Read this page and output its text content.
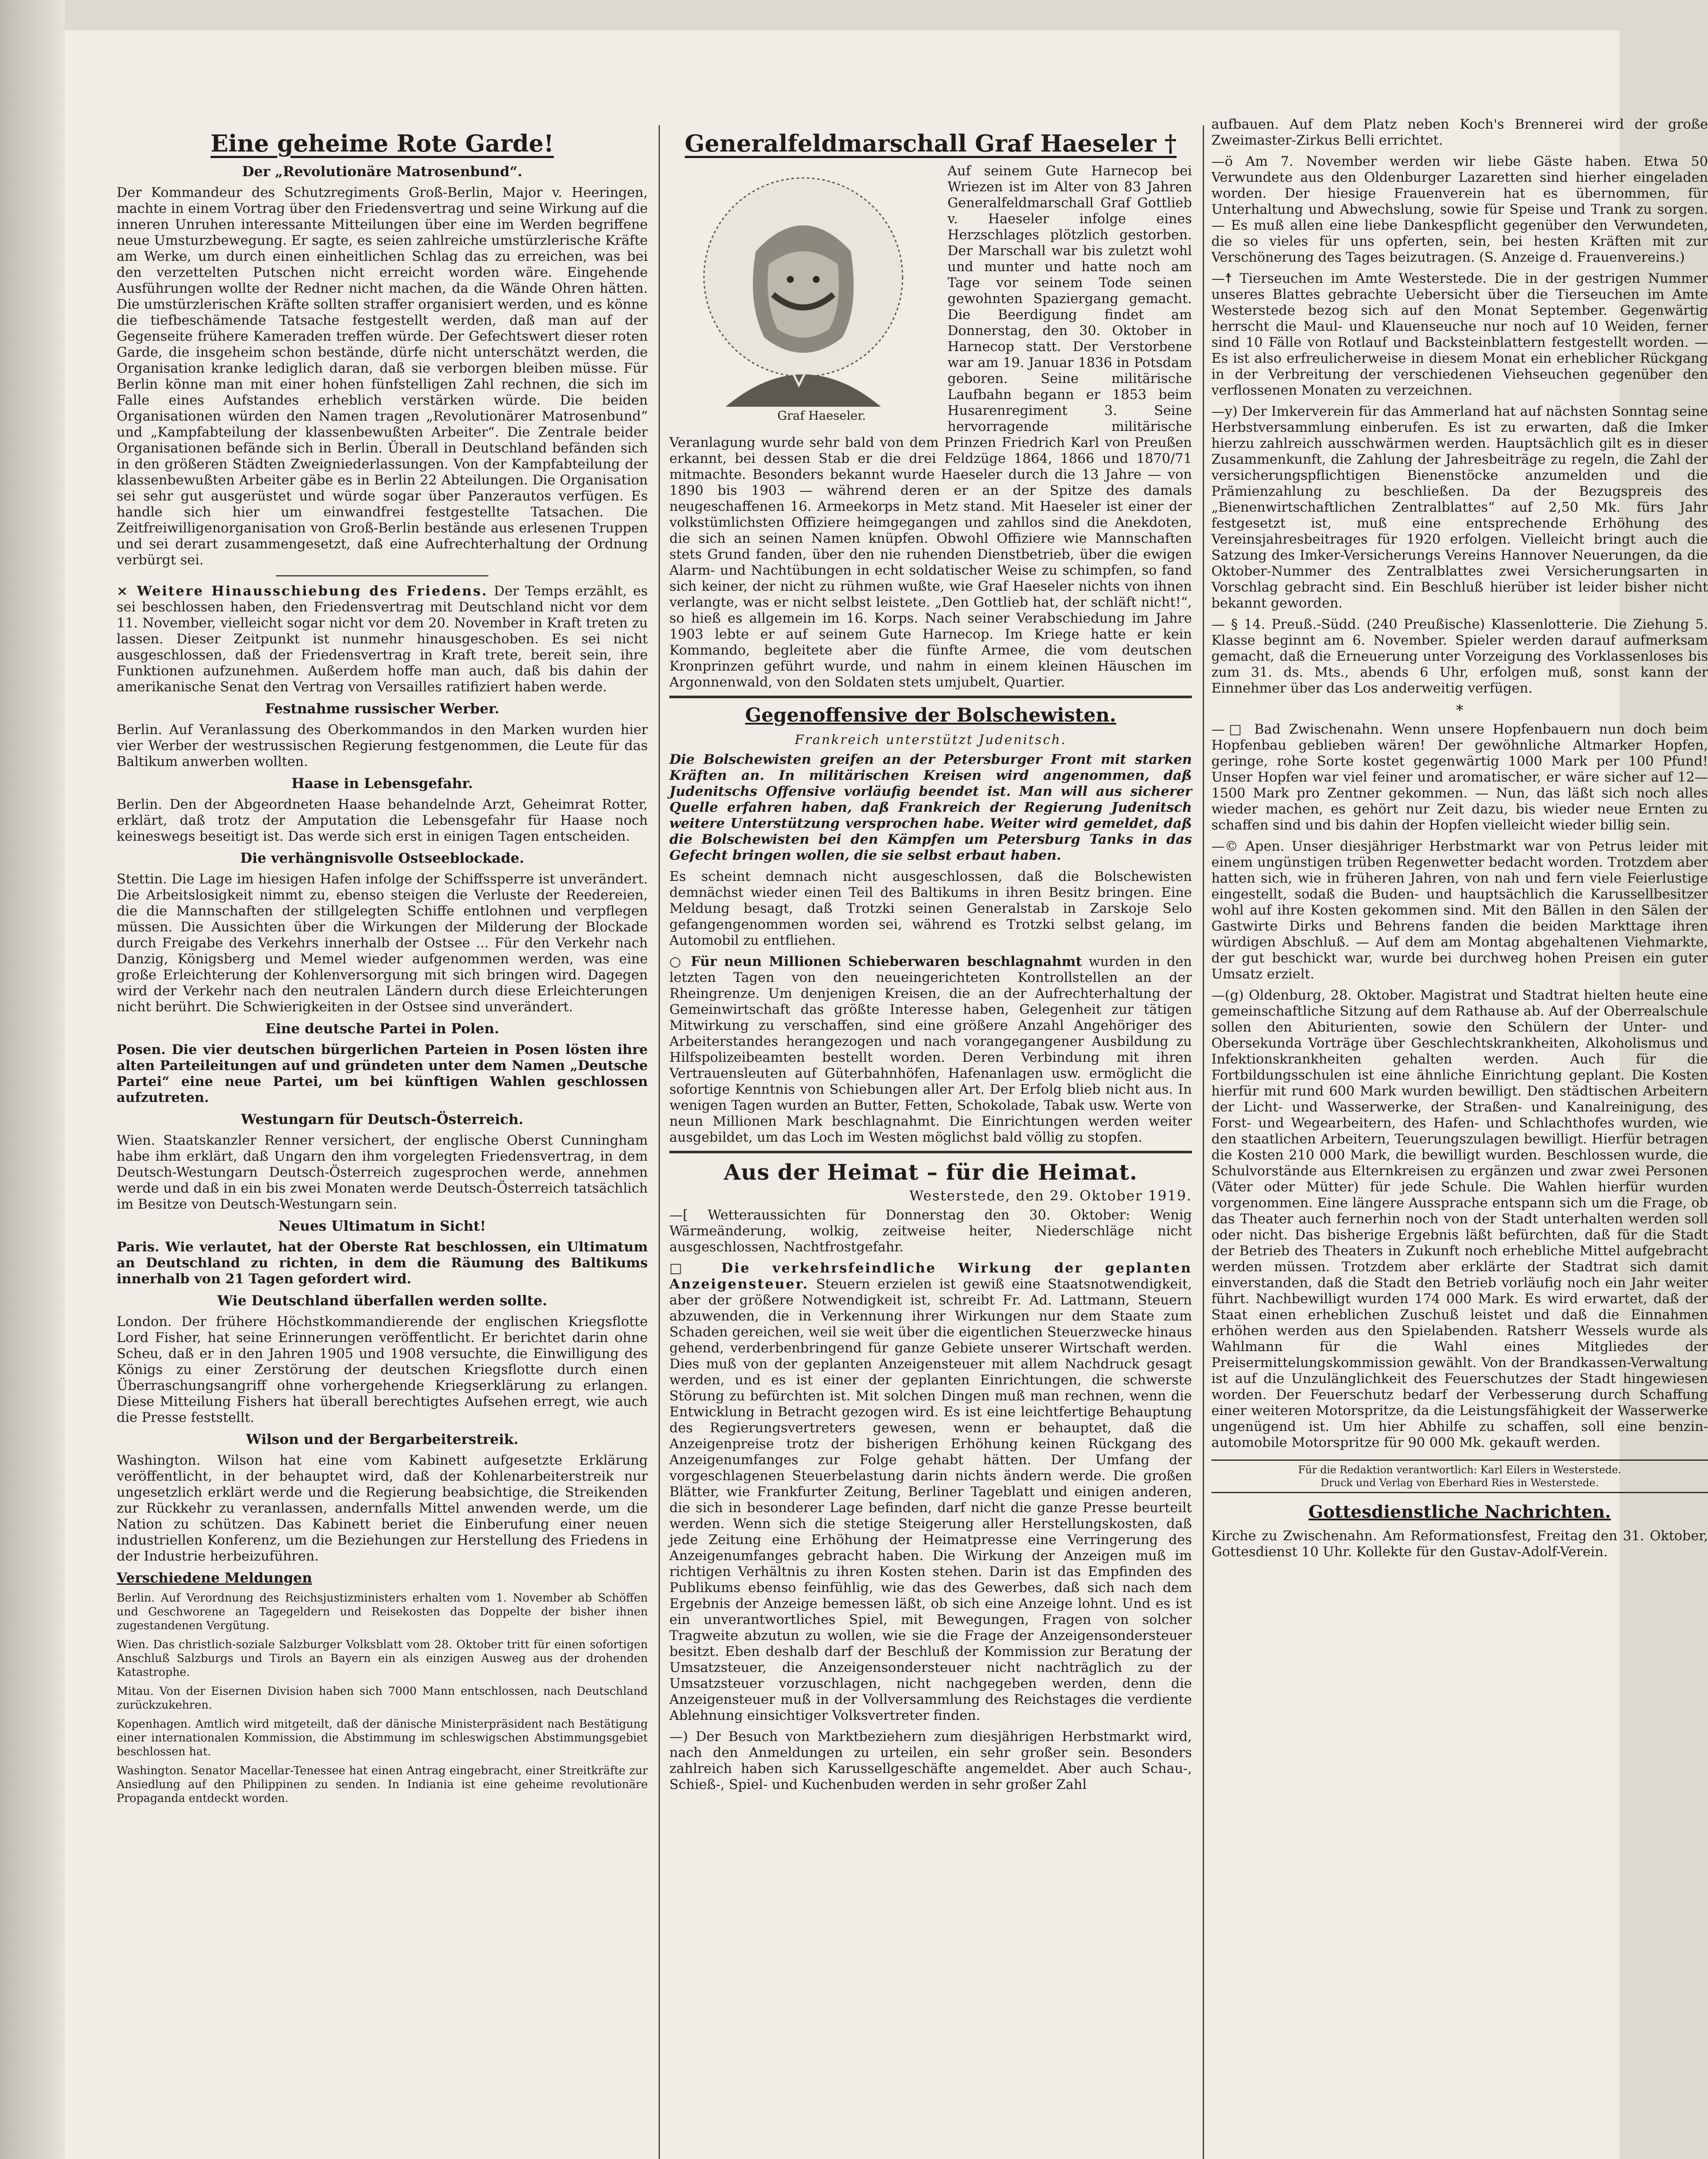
Eine geheime Rote Garde!
Der „Revolutionäre Matrosenbund“.

Der Kommandeur des Schutzregiments Groß-Berlin, Major v. Heeringen, machte in einem Vortrag über den Friedensvertrag und seine Wirkung auf die inneren Unruhen interessante Mitteilungen über eine im Werden begriffene neue Umsturzbewegung. Er sagte, es seien zahlreiche umstürzlerische Kräfte am Werke, um durch einen einheitlichen Schlag das zu erreichen, was bei den verzettelten Putschen nicht erreicht worden wäre. Eingehende Ausführungen wollte der Redner nicht machen, da die Wände Ohren hätten. Die umstürzlerischen Kräfte sollten straffer organisiert werden, und es könne die tiefbeschämende Tatsache festgestellt werden, daß man auf der Gegenseite frühere Kameraden treffen würde. Der Gefechtswert dieser roten Garde, die insgeheim schon bestände, dürfe nicht unterschätzt werden, die Organisation kranke lediglich daran, daß sie verborgen bleiben müsse. Für Berlin könne man mit einer hohen fünfstelligen Zahl rechnen, die sich im Falle eines Aufstandes erheblich verstärken würde. Die beiden Organisationen würden den Namen tragen „Revolutionärer Matrosenbund“ und „Kampfabteilung der klassenbewußten Arbeiter“. Die Zentrale beider Organisationen befände sich in Berlin. Überall in Deutschland befänden sich in den größeren Städten Zweigniederlassungen. Von der Kampfabteilung der klassenbewußten Arbeiter gäbe es in Berlin 22 Abteilungen. Die Organisation sei sehr gut ausgerüstet und würde sogar über Panzerautos verfügen. Es handle sich hier um einwandfrei festgestellte Tatsachen. Die Zeitfreiwilligenorganisation von Groß-Berlin bestände aus erlesenen Truppen und sei derart zusammengesetzt, daß eine Aufrechterhaltung der Ordnung verbürgt sei.

× Weitere Hinausschiebung des Friedens. Der Temps erzählt, es sei beschlossen haben, den Friedensvertrag mit Deutschland nicht vor dem 11. November, vielleicht sogar nicht vor dem 20. November in Kraft treten zu lassen. Dieser Zeitpunkt ist nunmehr hinausgeschoben. Es sei nicht ausgeschlossen, daß der Friedensvertrag in Kraft trete, bereit sein, ihre Funktionen aufzunehmen. Außerdem hoffe man auch, daß bis dahin der amerikanische Senat den Vertrag von Versailles ratifiziert haben werde.

Festnahme russischer Werber.

Berlin. Auf Veranlassung des Oberkommandos in den Marken wurden hier vier Werber der westrussischen Regierung festgenommen, die Leute für das Baltikum anwerben wollten.

Haase in Lebensgefahr.

Berlin. Den der Abgeordneten Haase behandelnde Arzt, Geheimrat Rotter, erklärt, daß trotz der Amputation die Lebensgefahr für Haase noch keineswegs beseitigt ist. Das werde sich erst in einigen Tagen entscheiden.

Die verhängnisvolle Ostseeblockade.

Stettin. Die Lage im hiesigen Hafen infolge der Schiffssperre ist unverändert. Die Arbeitslosigkeit nimmt zu, ebenso steigen die Verluste der Reedereien, die die Mannschaften der stillgelegten Schiffe entlohnen und verpflegen müssen. Die Aussichten über die Wirkungen der Milderung der Blockade durch Freigabe des Verkehrs innerhalb der Ostsee ... Für den Verkehr nach Danzig, Königsberg und Memel wieder aufgenommen werden, was eine große Erleichterung der Kohlenversorgung mit sich bringen wird. Dagegen wird der Verkehr nach den neutralen Ländern durch diese Erleichterungen nicht berührt. Die Schwierigkeiten in der Ostsee sind unverändert.

Eine deutsche Partei in Polen.

Posen. Die vier deutschen bürgerlichen Parteien in Posen lösten ihre alten Parteileitungen auf und gründeten unter dem Namen „Deutsche Partei“ eine neue Partei, um bei künftigen Wahlen geschlossen aufzutreten.

Westungarn für Deutsch-Österreich.

Wien. Staatskanzler Renner versichert, der englische Oberst Cunningham habe ihm erklärt, daß Ungarn den ihm vorgelegten Friedensvertrag, in dem Deutsch-Westungarn Deutsch-Österreich zugesprochen werde, annehmen werde und daß in ein bis zwei Monaten werde Deutsch-Österreich tatsächlich im Besitze von Deutsch-Westungarn sein.

Neues Ultimatum in Sicht!

Paris. Wie verlautet, hat der Oberste Rat beschlossen, ein Ultimatum an Deutschland zu richten, in dem die Räumung des Baltikums innerhalb von 21 Tagen gefordert wird.

Wie Deutschland überfallen werden sollte.

London. Der frühere Höchstkommandierende der englischen Kriegsflotte Lord Fisher, hat seine Erinnerungen veröffentlicht. Er berichtet darin ohne Scheu, daß er in den Jahren 1905 und 1908 versuchte, die Einwilligung des Königs zu einer Zerstörung der deutschen Kriegsflotte durch einen Überraschungsangriff ohne vorhergehende Kriegserklärung zu erlangen. Diese Mitteilung Fishers hat überall berechtigtes Aufsehen erregt, wie auch die Presse feststellt.

Wilson und der Bergarbeiterstreik.

Washington. Wilson hat eine vom Kabinett aufgesetzte Erklärung veröffentlicht, in der behauptet wird, daß der Kohlenarbeiterstreik nur ungesetzlich erklärt werde und die Regierung beabsichtige, die Streikenden zur Rückkehr zu veranlassen, andernfalls Mittel anwenden werde, um die Nation zu schützen. Das Kabinett beriet die Einberufung einer neuen industriellen Konferenz, um die Beziehungen zur Herstellung des Friedens in der Industrie herbeizuführen.

Verschiedene Meldungen

Berlin. Auf Verordnung des Reichsjustizministers erhalten vom 1. November ab Schöffen und Geschworene an Tagegeldern und Reisekosten das Doppelte der bisher ihnen zugestandenen Vergütung.

Wien. Das christlich-soziale Salzburger Volksblatt vom 28. Oktober tritt für einen sofortigen Anschluß Salzburgs und Tirols an Bayern ein als einzigen Ausweg aus der drohenden Katastrophe.

Mitau. Von der Eisernen Division haben sich 7000 Mann entschlossen, nach Deutschland zurückzukehren.

Kopenhagen. Amtlich wird mitgeteilt, daß der dänische Ministerpräsident nach Bestätigung einer internationalen Kommission, die Abstimmung im schleswigschen Abstimmungsgebiet beschlossen hat.

Washington. Senator Macellar-Tenessee hat einen Antrag eingebracht, einer Streitkräfte zur Ansiedlung auf den Philippinen zu senden. In Indiania ist eine geheime revolutionäre Propaganda entdeckt worden.

Generalfeldmarschall Graf Haeseler †
Graf Haeseler.

Auf seinem Gute Harnecop bei Wriezen ist im Alter von 83 Jahren Generalfeldmarschall Graf Gottlieb v. Haeseler infolge eines Herzschlages plötzlich gestorben. Der Marschall war bis zuletzt wohl und munter und hatte noch am Tage vor seinem Tode seinen gewohnten Spaziergang gemacht. Die Beerdigung findet am Donnerstag, den 30. Oktober in Harnecop statt. Der Verstorbene war am 19. Januar 1836 in Potsdam geboren. Seine militärische Laufbahn begann er 1853 beim Husarenregiment 3. Seine hervorragende militärische Veranlagung wurde sehr bald von dem Prinzen Friedrich Karl von Preußen erkannt, bei dessen Stab er die drei Feldzüge 1864, 1866 und 1870/71 mitmachte. Besonders bekannt wurde Haeseler durch die 13 Jahre — von 1890 bis 1903 — während deren er an der Spitze des damals neugeschaffenen 16. Armeekorps in Metz stand. Mit Haeseler ist einer der volkstümlichsten Offiziere heimgegangen und zahllos sind die Anekdoten, die sich an seinen Namen knüpfen. Obwohl Offiziere wie Mannschaften stets Grund fanden, über den nie ruhenden Dienstbetrieb, über die ewigen Alarm- und Nachtübungen in echt soldatischer Weise zu schimpfen, so fand sich keiner, der nicht zu rühmen wußte, wie Graf Haeseler nichts von ihnen verlangte, was er nicht selbst leistete. „Den Gottlieb hat, der schläft nicht!“, so hieß es allgemein im 16. Korps. Nach seiner Verabschiedung im Jahre 1903 lebte er auf seinem Gute Harnecop. Im Kriege hatte er kein Kommando, begleitete aber die fünfte Armee, die vom deutschen Kronprinzen geführt wurde, und nahm in einem kleinen Häuschen im Argonnenwald, von den Soldaten stets umjubelt, Quartier.

Gegenoffensive der Bolschewisten.
Frankreich unterstützt Judenitsch.

Die Bolschewisten greifen an der Petersburger Front mit starken Kräften an. In militärischen Kreisen wird angenommen, daß Judenitschs Offensive vorläufig beendet ist. Man will aus sicherer Quelle erfahren haben, daß Frankreich der Regierung Judenitsch weitere Unterstützung versprochen habe. Weiter wird gemeldet, daß die Bolschewisten bei den Kämpfen um Petersburg Tanks in das Gefecht bringen wollen, die sie selbst erbaut haben.

Es scheint demnach nicht ausgeschlossen, daß die Bolschewisten demnächst wieder einen Teil des Baltikums in ihren Besitz bringen. Eine Meldung besagt, daß Trotzki seinen Generalstab in Zarskoje Selo gefangengenommen worden sei, während es Trotzki selbst gelang, im Automobil zu entfliehen.

○ Für neun Millionen Schieberwaren beschlagnahmt wurden in den letzten Tagen von den neueingerichteten Kontrollstellen an der Rheingrenze. Um denjenigen Kreisen, die an der Aufrechterhaltung der Gemeinwirtschaft das größte Interesse haben, Gelegenheit zur tätigen Mitwirkung zu verschaffen, sind eine größere Anzahl Angehöriger des Arbeiterstandes herangezogen und nach vorangegangener Ausbildung zu Hilfspolizeibeamten bestellt worden. Deren Verbindung mit ihren Vertrauensleuten auf Güterbahnhöfen, Hafenanlagen usw. ermöglicht die sofortige Kenntnis von Schiebungen aller Art. Der Erfolg blieb nicht aus. In wenigen Tagen wurden an Butter, Fetten, Schokolade, Tabak usw. Werte von neun Millionen Mark beschlagnahmt. Die Einrichtungen werden weiter ausgebildet, um das Loch im Westen möglichst bald völlig zu stopfen.

Aus der Heimat – für die Heimat.
Westerstede, den 29. Oktober 1919.

—[ Wetteraussichten für Donnerstag den 30. Oktober: Wenig Wärmeänderung, wolkig, zeitweise heiter, Niederschläge nicht ausgeschlossen, Nachtfrostgefahr.

□ Die verkehrsfeindliche Wirkung der geplanten Anzeigensteuer. Steuern erzielen ist gewiß eine Staatsnotwendigkeit, aber der größere Notwendigkeit ist, schreibt Fr. Ad. Lattmann, Steuern abzuwenden, die in Verkennung ihrer Wirkungen nur dem Staate zum Schaden gereichen, weil sie weit über die eigentlichen Steuerzwecke hinaus gehend, verderbenbringend für ganze Gebiete unserer Wirtschaft werden. Dies muß von der geplanten Anzeigensteuer mit allem Nachdruck gesagt werden, und es ist einer der geplanten Einrichtungen, die schwerste Störung zu befürchten ist. Mit solchen Dingen muß man rechnen, wenn die Entwicklung in Betracht gezogen wird. Es ist eine leichtfertige Behauptung des Regierungsvertreters gewesen, wenn er behauptet, daß die Anzeigenpreise trotz der bisherigen Erhöhung keinen Rückgang des Anzeigenumfanges zur Folge gehabt hätten. Der Umfang der vorgeschlagenen Steuerbelastung darin nichts ändern werde. Die großen Blätter, wie Frankfurter Zeitung, Berliner Tageblatt und einigen anderen, die sich in besonderer Lage befinden, darf nicht die ganze Presse beurteilt werden. Wenn sich die stetige Steigerung aller Herstellungskosten, daß jede Zeitung eine Erhöhung der Heimatpresse eine Verringerung des Anzeigenumfanges gebracht haben. Die Wirkung der Anzeigen muß im richtigen Verhältnis zu ihren Kosten stehen. Darin ist das Empfinden des Publikums ebenso feinfühlig, wie das des Gewerbes, daß sich nach dem Ergebnis der Anzeige bemessen läßt, ob sich eine Anzeige lohnt. Und es ist ein unverantwortliches Spiel, mit Bewegungen, Fragen von solcher Tragweite abzutun zu wollen, wie sie die Frage der Anzeigensondersteuer besitzt. Eben deshalb darf der Beschluß der Kommission zur Beratung der Umsatzsteuer, die Anzeigensondersteuer nicht nachträglich zu der Umsatzsteuer vorzuschlagen, nicht nachgegeben werden, denn die Anzeigensteuer muß in der Vollversammlung des Reichstages die verdiente Ablehnung einsichtiger Volksvertreter finden.

—) Der Besuch von Marktbeziehern zum diesjährigen Herbstmarkt wird, nach den Anmeldungen zu urteilen, ein sehr großer sein. Besonders zahlreich haben sich Karussellgeschäfte angemeldet. Aber auch Schau-, Schieß-, Spiel- und Kuchenbuden werden in sehr großer Zahl

aufbauen. Auf dem Platz neben Koch's Brennerei wird der große Zweimaster-Zirkus Belli errichtet.

—ö Am 7. November werden wir liebe Gäste haben. Etwa 50 Verwundete aus den Oldenburger Lazaretten sind hierher eingeladen worden. Der hiesige Frauenverein hat es übernommen, für Unterhaltung und Abwechslung, sowie für Speise und Trank zu sorgen. — Es muß allen eine liebe Dankespflicht gegenüber den Verwundeten, die so vieles für uns opferten, sein, bei hesten Kräften mit zur Verschönerung des Tages beizutragen. (S. Anzeige d. Frauenvereins.)

—☨ Tierseuchen im Amte Westerstede. Die in der gestrigen Nummer unseres Blattes gebrachte Uebersicht über die Tierseuchen im Amte Westerstede bezog sich auf den Monat September. Gegenwärtig herrscht die Maul- und Klauenseuche nur noch auf 10 Weiden, ferner sind 10 Fälle von Rotlauf und Backsteinblattern festgestellt worden. — Es ist also erfreulicherweise in diesem Monat ein erheblicher Rückgang in der Verbreitung der verschiedenen Viehseuchen gegenüber den verflossenen Monaten zu verzeichnen.

—y) Der Imkerverein für das Ammerland hat auf nächsten Sonntag seine Herbstversammlung einberufen. Es ist zu erwarten, daß die Imker hierzu zahlreich ausschwärmen werden. Hauptsächlich gilt es in dieser Zusammenkunft, die Zahlung der Jahresbeiträge zu regeln, die Zahl der versicherungspflichtigen Bienenstöcke anzumelden und die Prämienzahlung zu beschließen. Da der Bezugspreis des „Bienenwirtschaftlichen Zentralblattes“ auf 2,50 Mk. fürs Jahr festgesetzt ist, muß eine entsprechende Erhöhung des Vereinsjahresbeitrages für 1920 erfolgen. Vielleicht bringt auch die Satzung des Imker-Versicherungs Vereins Hannover Neuerungen, da die Oktober-Nummer des Zentralblattes zwei Versicherungsarten in Vorschlag gebracht sind. Ein Beschluß hierüber ist leider bisher nicht bekannt geworden.

— § 14. Preuß.-Südd. (240 Preußische) Klassenlotterie. Die Ziehung 5. Klasse beginnt am 6. November. Spieler werden darauf aufmerksam gemacht, daß die Erneuerung unter Vorzeigung des Vorklassenloses bis zum 31. ds. Mts., abends 6 Uhr, erfolgen muß, sonst kann der Einnehmer über das Los anderweitig verfügen.

*

—□ Bad Zwischenahn. Wenn unsere Hopfenbauern nun doch beim Hopfenbau geblieben wären! Der gewöhnliche Altmarker Hopfen, geringe, rohe Sorte kostet gegenwärtig 1000 Mark per 100 Pfund! Unser Hopfen war viel feiner und aromatischer, er wäre sicher auf 12—1500 Mark pro Zentner gekommen. — Nun, das läßt sich noch alles wieder machen, es gehört nur Zeit dazu, bis wieder neue Ernten zu schaffen sind und bis dahin der Hopfen vielleicht wieder billig sein.

—© Apen. Unser diesjähriger Herbstmarkt war von Petrus leider mit einem ungünstigen trüben Regenwetter bedacht worden. Trotzdem aber hatten sich, wie in früheren Jahren, von nah und fern viele Feierlustige eingestellt, sodaß die Buden- und hauptsächlich die Karussellbesitzer wohl auf ihre Kosten gekommen sind. Mit den Bällen in den Sälen der Gastwirte Dirks und Behrens fanden die beiden Markttage ihren würdigen Abschluß. — Auf dem am Montag abgehaltenen Viehmarkte, der gut beschickt war, wurde bei durchweg hohen Preisen ein guter Umsatz erzielt.

—(g) Oldenburg, 28. Oktober. Magistrat und Stadtrat hielten heute eine gemeinschaftliche Sitzung auf dem Rathause ab. Auf der Oberrealschule sollen den Abiturienten, sowie den Schülern der Unter- und Obersekunda Vorträge über Geschlechtskrankheiten, Alkoholismus und Infektionskrankheiten gehalten werden. Auch für die Fortbildungsschulen ist eine ähnliche Einrichtung geplant. Die Kosten hierfür mit rund 600 Mark wurden bewilligt. Den städtischen Arbeitern der Licht- und Wasserwerke, der Straßen- und Kanalreinigung, des Forst- und Wegearbeitern, des Hafen- und Schlachthofes wurden, wie den staatlichen Arbeitern, Teuerungszulagen bewilligt. Hierfür betragen die Kosten 210 000 Mark, die bewilligt wurden. Beschlossen wurde, die Schulvorstände aus Elternkreisen zu ergänzen und zwar zwei Personen (Väter oder Mütter) für jede Schule. Die Wahlen hierfür wurden vorgenommen. Eine längere Aussprache entspann sich um die Frage, ob das Theater auch fernerhin noch von der Stadt unterhalten werden soll oder nicht. Das bisherige Ergebnis läßt befürchten, daß für die Stadt der Betrieb des Theaters in Zukunft noch erhebliche Mittel aufgebracht werden müssen. Trotzdem aber erklärte der Stadtrat sich damit einverstanden, daß die Stadt den Betrieb vorläufig noch ein Jahr weiter führt. Nachbewilligt wurden 174 000 Mark. Es wird erwartet, daß der Staat einen erheblichen Zuschuß leistet und daß die Einnahmen erhöhen werden aus den Spielabenden. Ratsherr Wessels wurde als Wahlmann für die Wahl eines Mitgliedes der Preisermittelungskommission gewählt. Von der Brandkassen-Verwaltung ist auf die Unzulänglichkeit des Feuerschutzes der Stadt hingewiesen worden. Der Feuerschutz bedarf der Verbesserung durch Schaffung einer weiteren Motorspritze, da die Leistungsfähigkeit der Wasserwerke ungenügend ist. Um hier Abhilfe zu schaffen, soll eine benzin-automobile Motorspritze für 90 000 Mk. gekauft werden.

Für die Redaktion verantwortlich: Karl Eilers in Westerstede.
Druck und Verlag von Eberhard Ries in Westerstede.
Gottesdienstliche Nachrichten.

Kirche zu Zwischenahn. Am Reformationsfest, Freitag den 31. Oktober, Gottesdienst 10 Uhr. Kollekte für den Gustav-Adolf-Verein.
